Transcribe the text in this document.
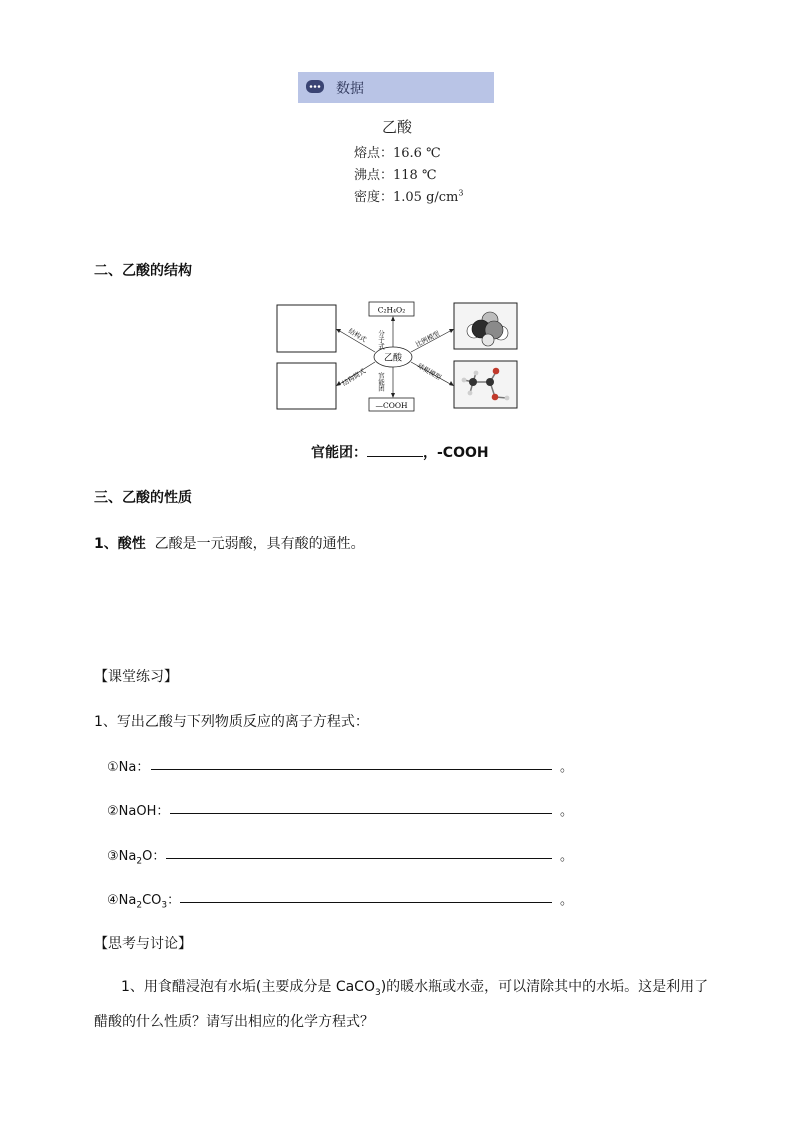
数据
乙酸
熔点：16.6 ℃
沸点：118 ℃
密度：1.05 $g/cm^3$
二、乙酸的结构
C₂H₄O₂
—COOH
乙酸
分子式
官能团
结构式
结构简式
比例模型
球棍模型
官能团：	，-COOH
三、乙酸的性质
1、酸性 乙酸是一元弱酸，具有酸的通性。
【课堂练习】
1、写出乙酸与下列物质反应的离子方程式：
①Na：	。
②NaOH：	。
$③Na_2O$：	。
$④Na_2CO_3$：	。
【思考与讨论】
1、用食醋浸泡有水垢(主要成分是 CaCO$_3$)的暖水瓶或水壶，可以清除其中的水垢。这是利用了
醋酸的什么性质？请写出相应的化学方程式？
